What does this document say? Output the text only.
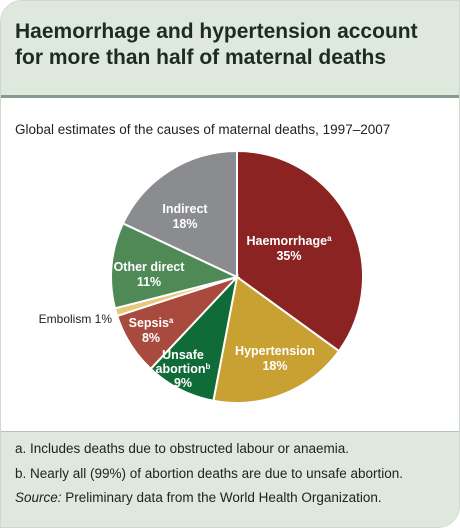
Haemorrhage and hypertension account
for more than half of maternal deaths

Global estimates of the causes of maternal deaths, 1997–2007

Haemorrhage$^a$
35%
Hypertension
18%
Unsafe
abortion$^b$
9%
Sepsis$^a$
8%
Embolism 1%
Other direct
11%
Indirect
18%
a. Includes deaths due to obstructed labour or anaemia.
b. Nearly all (99%) of abortion deaths are due to unsafe abortion.
Source: Preliminary data from the World Health Organization.
